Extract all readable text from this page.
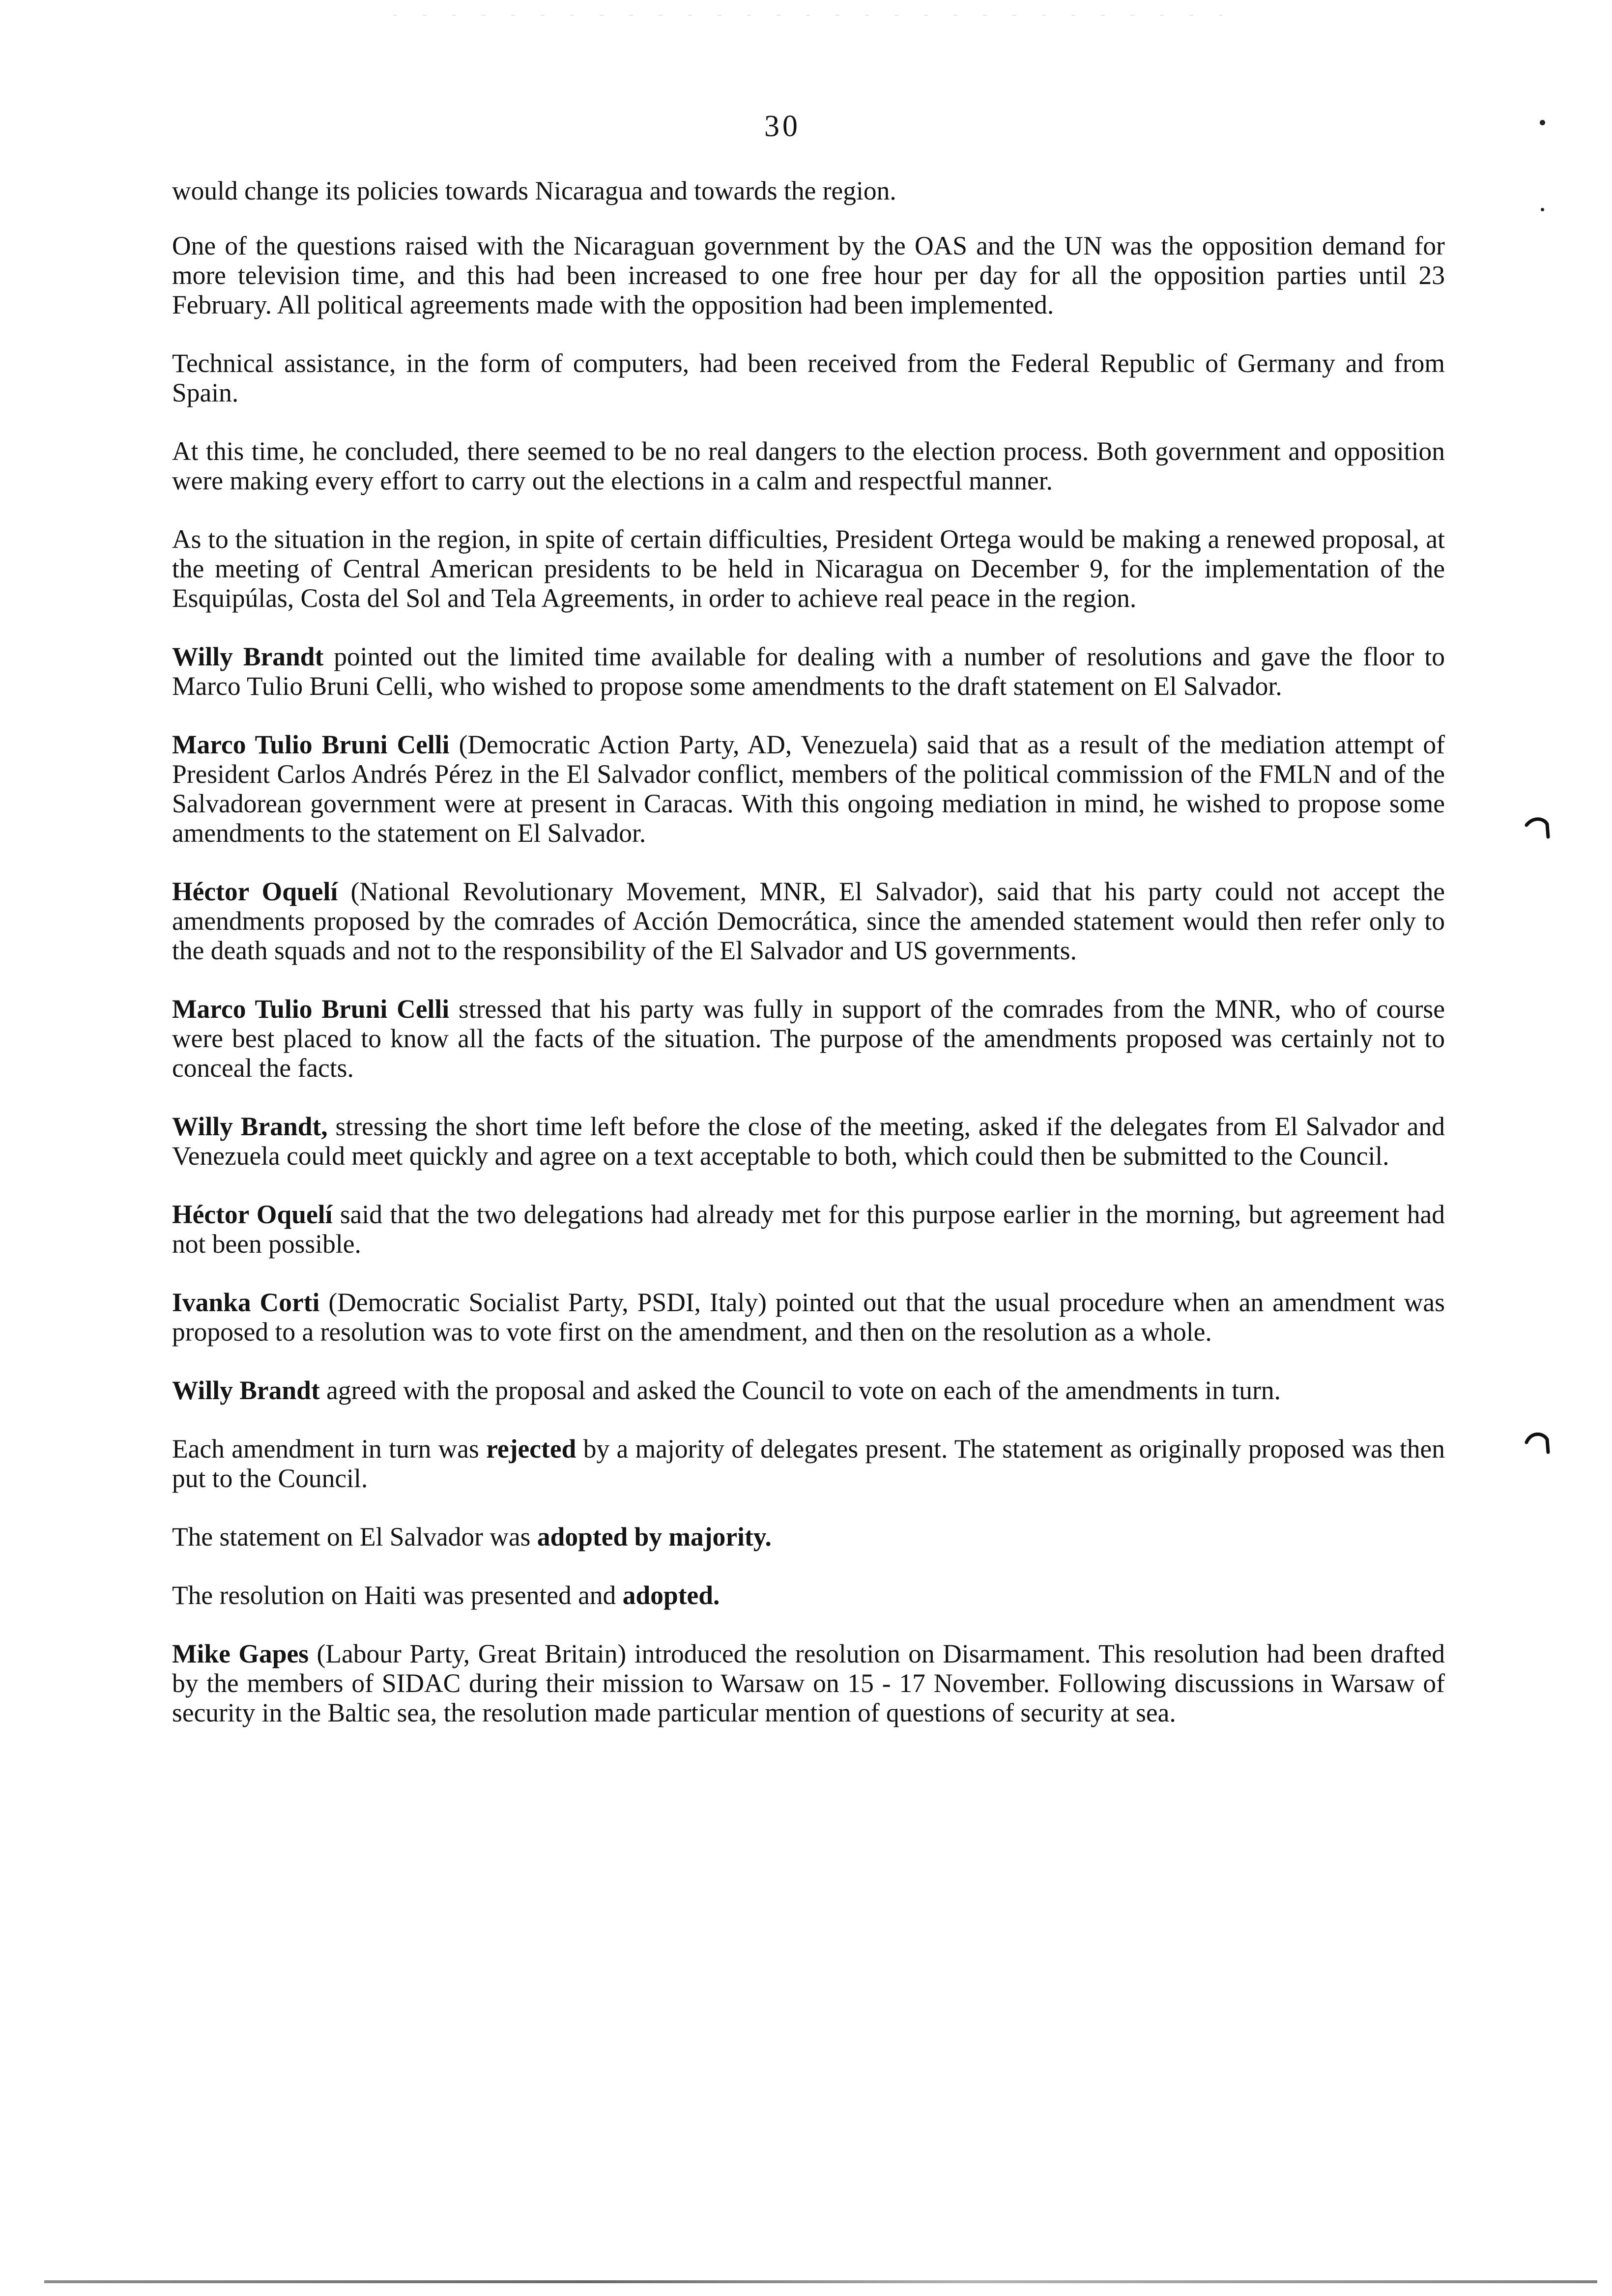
30

would change its policies towards Nicaragua and towards the region.

One of the questions raised with the Nicaraguan government by the OAS and the UN was the opposition demand for more television time, and this had been increased to one free hour per day for all the opposition parties until 23 February. All political agreements made with the opposition had been implemented.

Technical assistance, in the form of computers, had been received from the Federal Republic of Germany and from Spain.

At this time, he concluded, there seemed to be no real dangers to the election process. Both government and opposition were making every effort to carry out the elections in a calm and respectful manner.

As to the situation in the region, in spite of certain difficulties, President Ortega would be making a renewed proposal, at the meeting of Central American presidents to be held in Nicaragua on December 9, for the implementation of the Esquipúlas, Costa del Sol and Tela Agreements, in order to achieve real peace in the region.

Willy Brandt pointed out the limited time available for dealing with a number of resolutions and gave the floor to Marco Tulio Bruni Celli, who wished to propose some amendments to the draft statement on El Salvador.

Marco Tulio Bruni Celli (Democratic Action Party, AD, Venezuela) said that as a result of the mediation attempt of President Carlos Andrés Pérez in the El Salvador conflict, members of the political commission of the FMLN and of the Salvadorean government were at present in Caracas. With this ongoing mediation in mind, he wished to propose some amendments to the statement on El Salvador.

Héctor Oquelí (National Revolutionary Movement, MNR, El Salvador), said that his party could not accept the amendments proposed by the comrades of Acción Democrática, since the amended statement would then refer only to the death squads and not to the responsibility of the El Salvador and US governments.

Marco Tulio Bruni Celli stressed that his party was fully in support of the comrades from the MNR, who of course were best placed to know all the facts of the situation. The purpose of the amendments proposed was certainly not to conceal the facts.

Willy Brandt, stressing the short time left before the close of the meeting, asked if the delegates from El Salvador and Venezuela could meet quickly and agree on a text acceptable to both, which could then be submitted to the Council.

Héctor Oquelí said that the two delegations had already met for this purpose earlier in the morning, but agreement had not been possible.

Ivanka Corti (Democratic Socialist Party, PSDI, Italy) pointed out that the usual procedure when an amendment was proposed to a resolution was to vote first on the amendment, and then on the resolution as a whole.

Willy Brandt agreed with the proposal and asked the Council to vote on each of the amendments in turn.

Each amendment in turn was rejected by a majority of delegates present. The statement as originally proposed was then put to the Council.

The statement on El Salvador was adopted by majority.

The resolution on Haiti was presented and adopted.

Mike Gapes (Labour Party, Great Britain) introduced the resolution on Disarmament. This resolution had been drafted by the members of SIDAC during their mission to Warsaw on 15 - 17 November. Following discussions in Warsaw of security in the Baltic sea, the resolution made particular mention of questions of security at sea.
